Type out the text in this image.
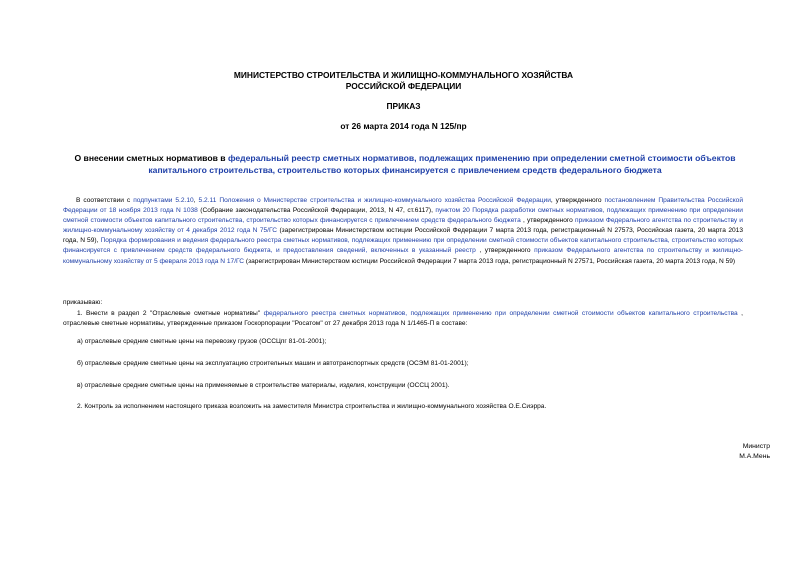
МИНИСТЕРСТВО СТРОИТЕЛЬСТВА И ЖИЛИЩНО-КОММУНАЛЬНОГО ХОЗЯЙСТВА
РОССИЙСКОЙ ФЕДЕРАЦИИ
ПРИКАЗ
от 26 марта 2014 года N 125/пр
О внесении сметных нормативов в федеральный реестр сметных нормативов, подлежащих применению при определении сметной стоимости объектов капитального строительства, строительство которых финансируется с привлечением средств федерального бюджета
В соответствии с подпунктами 5.2.10, 5.2.11 Положения о Министерстве строительства и жилищно-коммунального хозяйства Российской Федерации, утвержденного постановлением Правительства Российской Федерации от 18 ноября 2013 года N 1038 (Собрание законодательства Российской Федерации, 2013, N 47, ст.6117), пунктом 20 Порядка разработки сметных нормативов, подлежащих применению при определении сметной стоимости объектов капитального строительства, строительство которых финансируется с привлечением средств федерального бюджета , утвержденного приказом Федерального агентства по строительству и жилищно-коммунальному хозяйству от 4 декабря 2012 года N 75/ГС (зарегистрирован Министерством юстиции Российской Федерации 7 марта 2013 года, регистрационный N 27573, Российская газета, 20 марта 2013 года, N 59), Порядка формирования и ведения федерального реестра сметных нормативов, подлежащих применению при определении сметной стоимости объектов капитального строительства, строительство которых финансируется с привлечением средств федерального бюджета, и предоставления сведений, включенных в указанный реестр , утвержденного приказом Федерального агентства по строительству и жилищно-коммунальному хозяйству от 5 февраля 2013 года N 17/ГС (зарегистрирован Министерством юстиции Российской Федерации 7 марта 2013 года, регистрационный N 27571, Российская газета, 20 марта 2013 года, N 59)
приказываю:
1. Внести в раздел 2 "Отраслевые сметные нормативы" федерального реестра сметных нормативов, подлежащих применению при определении сметной стоимости объектов капитального строительства , отраслевые сметные нормативы, утвержденные приказом Госкорпорации "Росатом" от 27 декабря 2013 года N 1/1465-П в составе:
а) отраслевые средние сметные цены на перевозку грузов (ОССЦпг 81-01-2001);
б) отраслевые средние сметные цены на эксплуатацию строительных машин и автотранспортных средств (ОСЭМ 81-01-2001);
в) отраслевые средние сметные цены на применяемые в строительстве материалы, изделия, конструкции (ОССЦ 2001).
2. Контроль за исполнением настоящего приказа возложить на заместителя Министра строительства и жилищно-коммунального хозяйства О.Е.Сиэрра.
Министр
М.А.Мень
